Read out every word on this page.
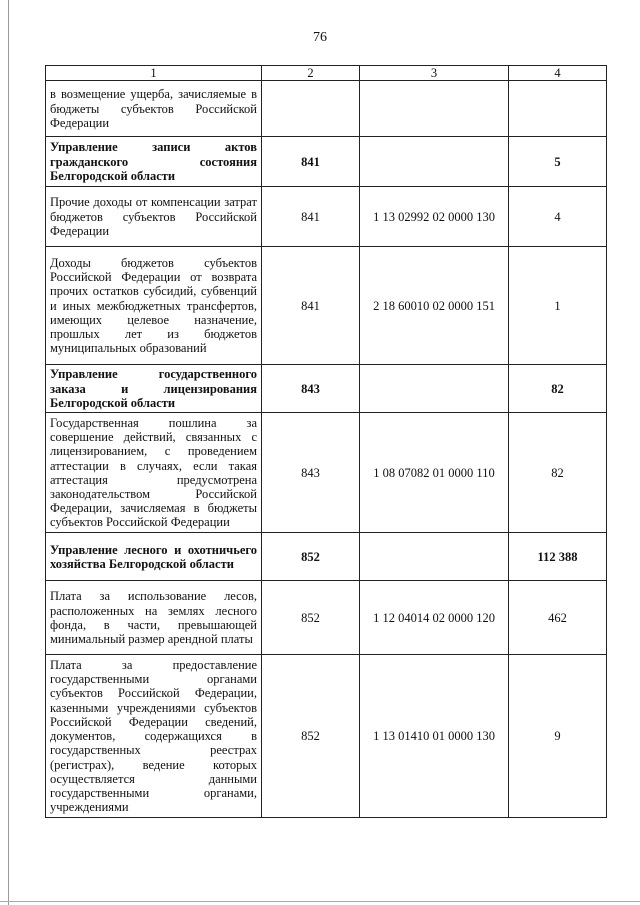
76
1	2	3	4
в возмещение ущерба, зачисляемые в бюджеты субъектов Российской Федерации			
Управление записи актов гражданского состояния Белгородской области	841		5
Прочие доходы от компенсации затрат бюджетов субъектов Российской Федерации	841	1 13 02992 02 0000 130	4
Доходы бюджетов субъектов Российской Федерации от возврата прочих остатков субсидий, субвенций и иных межбюджетных трансфертов, имеющих целевое назначение, прошлых лет из бюджетов муниципальных образований	841	2 18 60010 02 0000 151	1
Управление государственного заказа и лицензирования Белгородской области	843		82
Государственная пошлина за совершение действий, связанных с лицензированием, с проведением аттестации в случаях, если такая аттестация предусмотрена законодательством Российской Федерации, зачисляемая в бюджеты субъектов Российской Федерации	843	1 08 07082 01 0000 110	82
Управление лесного и охотничьего хозяйства Белгородской области	852		112 388
Плата за использование лесов, расположенных на землях лесного фонда, в части, превышающей минимальный размер арендной платы	852	1 12 04014 02 0000 120	462
Плата за предоставление государственными органами субъектов Российской Федерации, казенными учреждениями субъектов Российской Федерации сведений, документов, содержащихся в государственных реестрах (регистрах), ведение которых осуществляется данными государственными органами, учреждениями	852	1 13 01410 01 0000 130	9
